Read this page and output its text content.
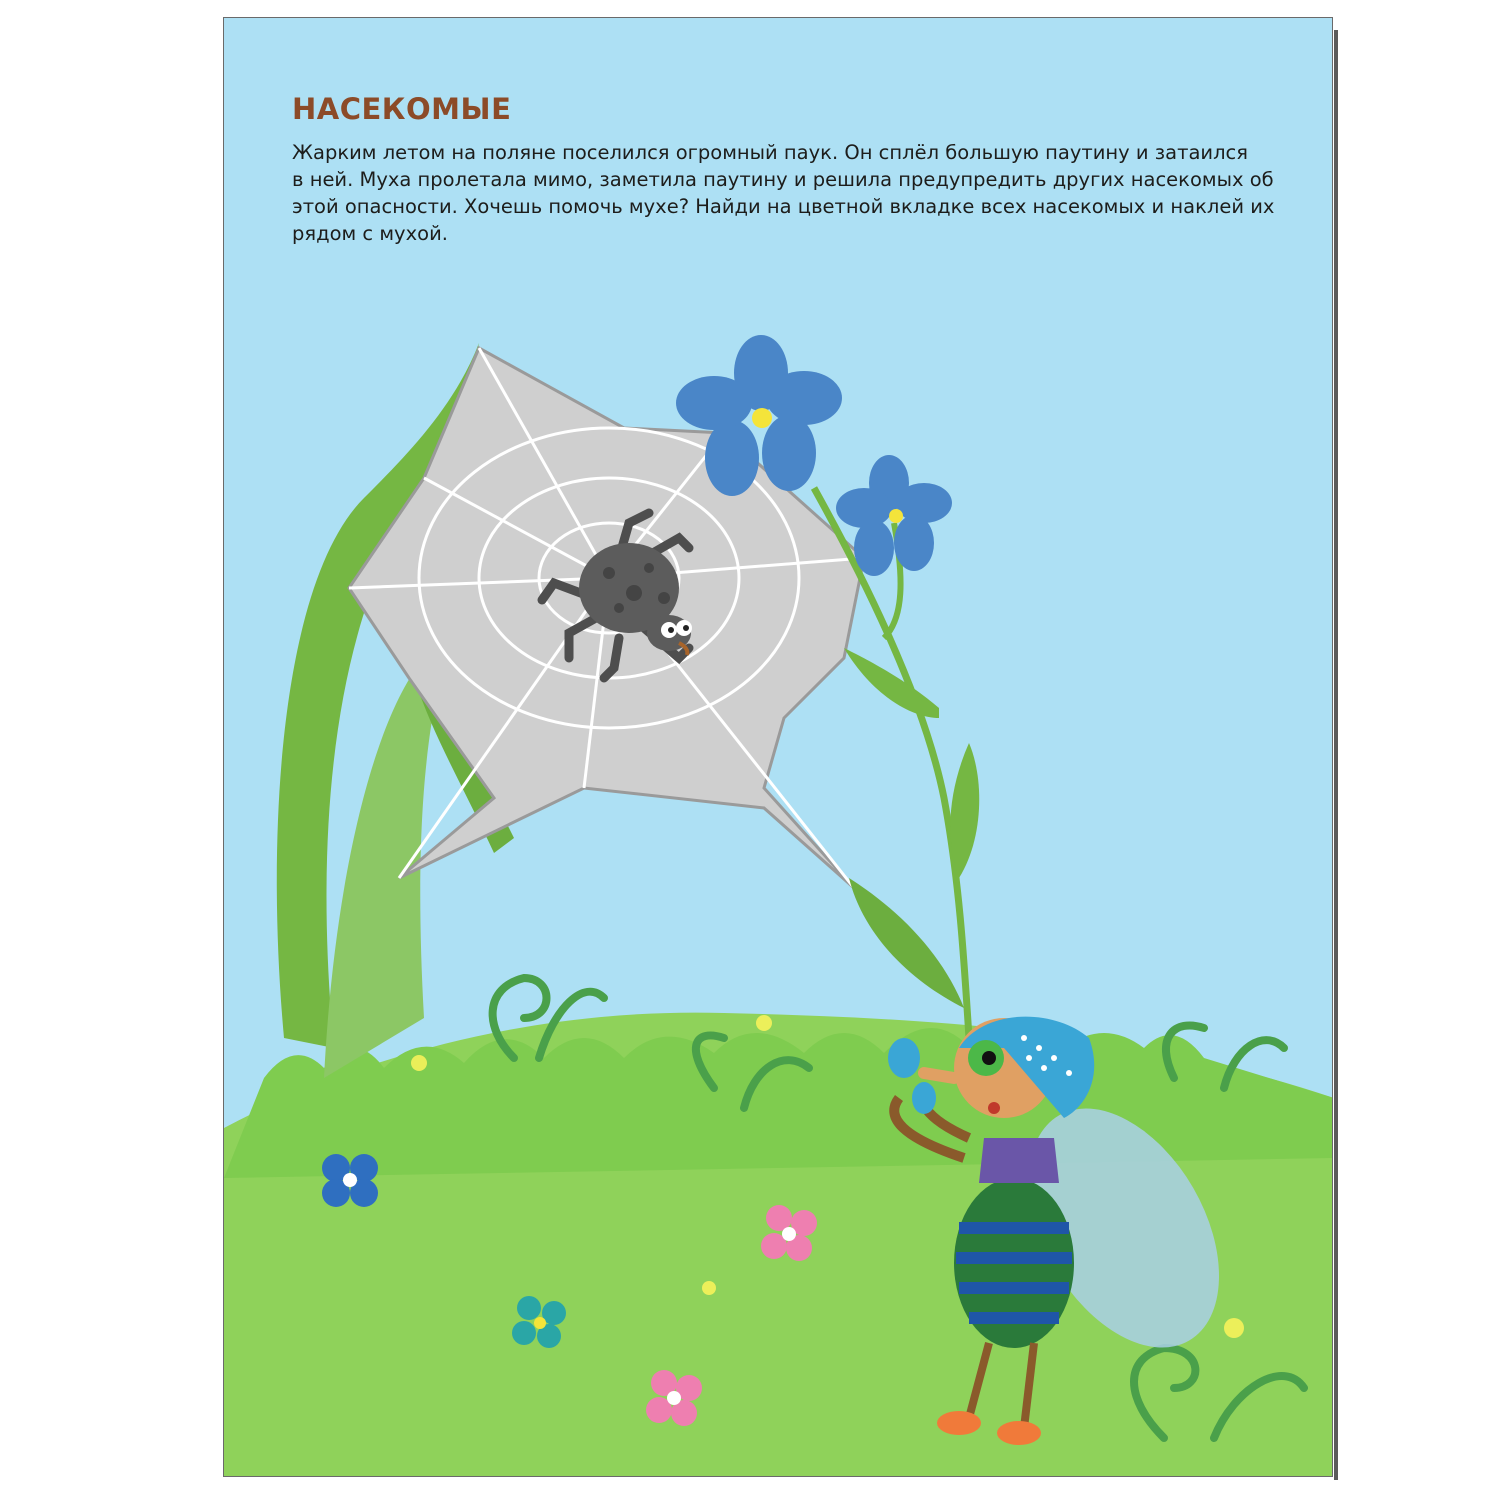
НАСЕКОМЫЕ

Жарким летом на поляне поселился огромный паук. Он сплёл большую паутину и затаился
в ней. Муха пролетала мимо, заметила паутину и решила предупредить других насекомых об
этой опасности. Хочешь помочь мухе? Найди на цветной вкладке всех насекомых и наклей их
рядом с мухой.
